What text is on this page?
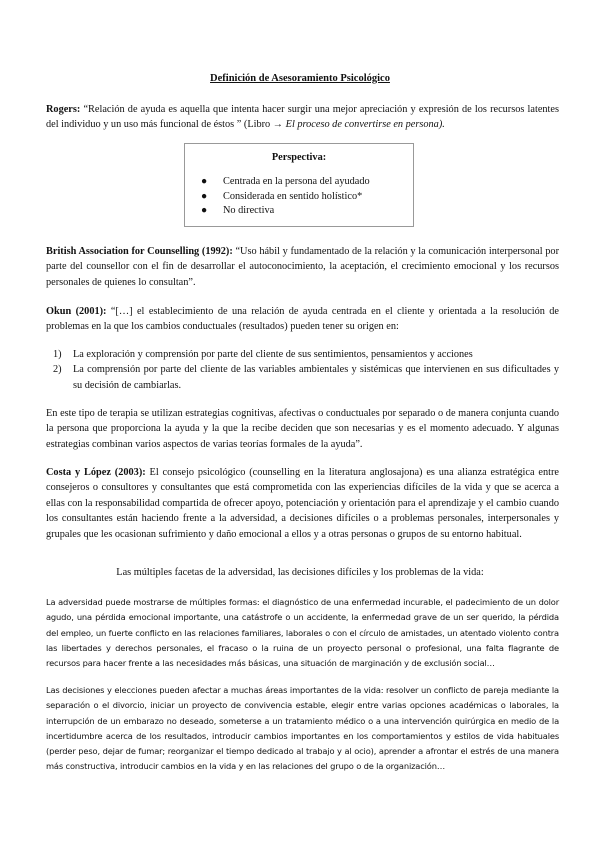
Definición de Asesoramiento Psicológico
Rogers: “Relación de ayuda es aquella que intenta hacer surgir una mejor apreciación y expresión de los recursos latentes del individuo y un uso más funcional de éstos ” (Libro → El proceso de convertirse en persona).
Perspectiva:
● Centrada en la persona del ayudado
● Considerada en sentido holístico*
● No directiva
British Association for Counselling (1992): “Uso hábil y fundamentado de la relación y la comunicación interpersonal por parte del counsellor con el fin de desarrollar el autoconocimiento, la aceptación, el crecimiento emocional y los recursos personales de quienes lo consultan”.
Okun (2001): “[…] el establecimiento de una relación de ayuda centrada en el cliente y orientada a la resolución de problemas en la que los cambios conductuales (resultados) pueden tener su origen en:
1) La exploración y comprensión por parte del cliente de sus sentimientos, pensamientos y acciones
2) La comprensión por parte del cliente de las variables ambientales y sistémicas que intervienen en sus dificultades y su decisión de cambiarlas.
En este tipo de terapia se utilizan estrategias cognitivas, afectivas o conductuales por separado o de manera conjunta cuando la persona que proporciona la ayuda y la que la recibe deciden que son necesarias y es el momento adecuado. Y algunas estrategias combinan varios aspectos de varias teorías formales de la ayuda”.
Costa y López (2003): El consejo psicológico (counselling en la literatura anglosajona) es una alianza estratégica entre consejeros o consultores y consultantes que está comprometida con las experiencias difíciles de la vida y que se acerca a ellas con la responsabilidad compartida de ofrecer apoyo, potenciación y orientación para el aprendizaje y el cambio cuando los consultantes están haciendo frente a la adversidad, a decisiones difíciles o a problemas personales, interpersonales y grupales que les ocasionan sufrimiento y daño emocional a ellos y a otras personas o grupos de su entorno habitual.
Las múltiples facetas de la adversidad, las decisiones difíciles y los problemas de la vida:
La adversidad puede mostrarse de múltiples formas: el diagnóstico de una enfermedad incurable, el padecimiento de un dolor agudo, una pérdida emocional importante, una catástrofe o un accidente, la enfermedad grave de un ser querido, la pérdida del empleo, un fuerte conflicto en las relaciones familiares, laborales o con el círculo de amistades, un atentado violento contra las libertades y derechos personales, el fracaso o la ruina de un proyecto personal o profesional, una falta flagrante de recursos para hacer frente a las necesidades más básicas, una situación de marginación y de exclusión social…
Las decisiones y elecciones pueden afectar a muchas áreas importantes de la vida: resolver un conflicto de pareja mediante la separación o el divorcio, iniciar un proyecto de convivencia estable, elegir entre varias opciones académicas o laborales, la interrupción de un embarazo no deseado, someterse a un tratamiento médico o a una intervención quirúrgica en medio de la incertidumbre acerca de los resultados, introducir cambios importantes en los comportamientos y estilos de vida habituales (perder peso, dejar de fumar; reorganizar el tiempo dedicado al trabajo y al ocio), aprender a afrontar el estrés de una manera más constructiva, introducir cambios en la vida y en las relaciones del grupo o de la organización…
